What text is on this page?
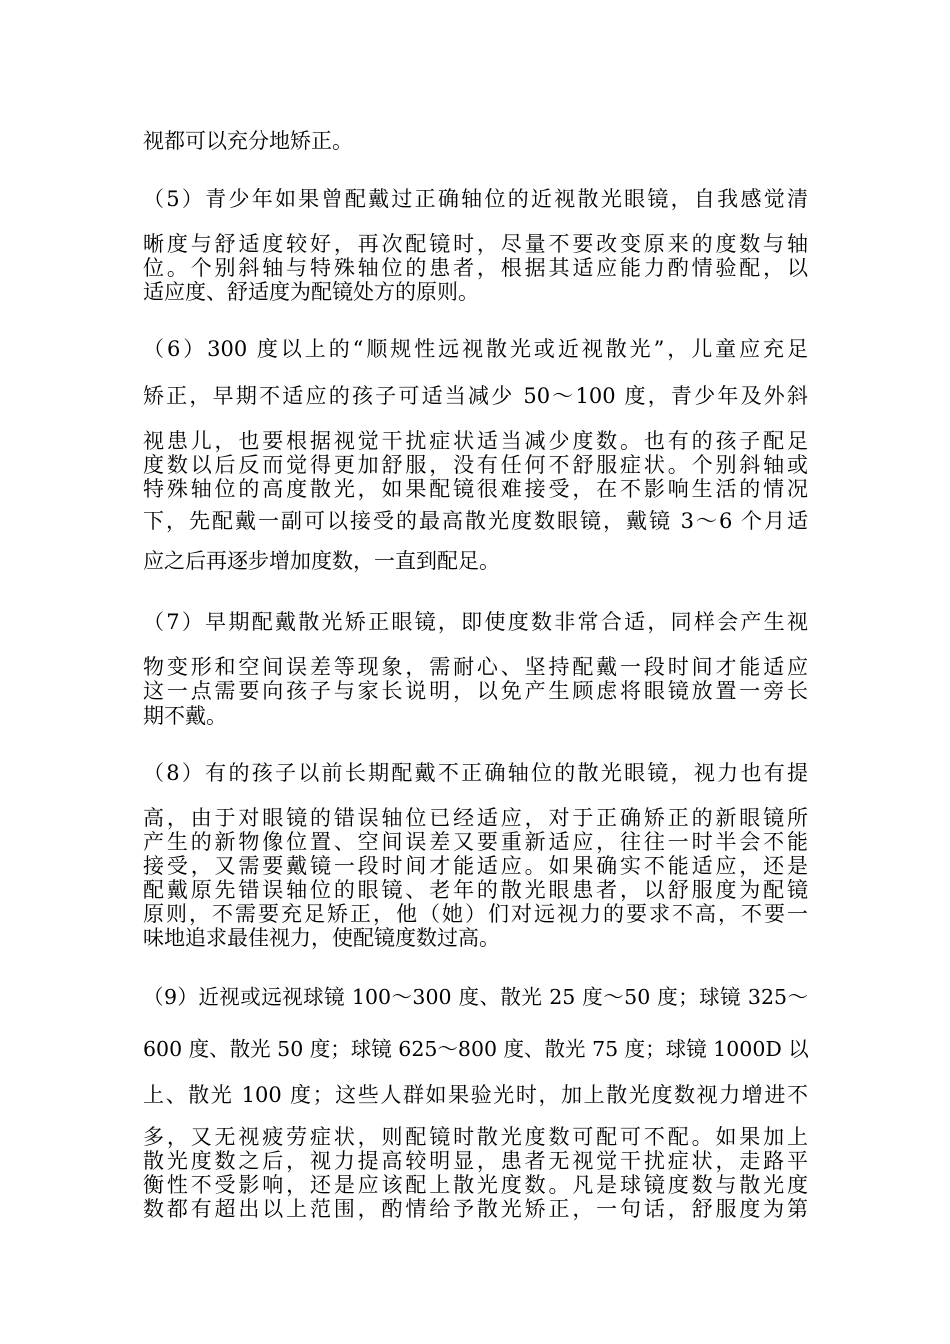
视都可以充分地矫正。
（5）青少年如果曾配戴过正确轴位的近视散光眼镜，自我感觉清
晰度与舒适度较好，再次配镜时，尽量不要改变原来的度数与轴
位。个别斜轴与特殊轴位的患者，根据其适应能力酌情验配，以
适应度、舒适度为配镜处方的原则。
（6）300 度以上的“顺规性远视散光或近视散光”，儿童应充足
矫正，早期不适应的孩子可适当减少 50～100 度，青少年及外斜
视患儿，也要根据视觉干扰症状适当减少度数。也有的孩子配足
度数以后反而觉得更加舒服，没有任何不舒服症状。个别斜轴或
特殊轴位的高度散光，如果配镜很难接受，在不影响生活的情况
下，先配戴一副可以接受的最高散光度数眼镜，戴镜 3～6 个月适
应之后再逐步增加度数，一直到配足。
（7）早期配戴散光矫正眼镜，即使度数非常合适，同样会产生视
物变形和空间误差等现象，需耐心、坚持配戴一段时间才能适应
这一点需要向孩子与家长说明，以免产生顾虑将眼镜放置一旁长
期不戴。
（8）有的孩子以前长期配戴不正确轴位的散光眼镜，视力也有提
高，由于对眼镜的错误轴位已经适应，对于正确矫正的新眼镜所
产生的新物像位置、空间误差又要重新适应，往往一时半会不能
接受，又需要戴镜一段时间才能适应。如果确实不能适应，还是
配戴原先错误轴位的眼镜、老年的散光眼患者，以舒服度为配镜
原则，不需要充足矫正，他（她）们对远视力的要求不高，不要一
味地追求最佳视力，使配镜度数过高。
（9）近视或远视球镜 100～300 度、散光 25 度～50 度；球镜 325～
600 度、散光 50 度；球镜 625～800 度、散光 75 度；球镜 1000D 以
上、散光 100 度；这些人群如果验光时，加上散光度数视力增进不
多，又无视疲劳症状，则配镜时散光度数可配可不配。如果加上
散光度数之后，视力提高较明显，患者无视觉干扰症状，走路平
衡性不受影响，还是应该配上散光度数。凡是球镜度数与散光度
数都有超出以上范围，酌情给予散光矫正，一句话，舒服度为第
